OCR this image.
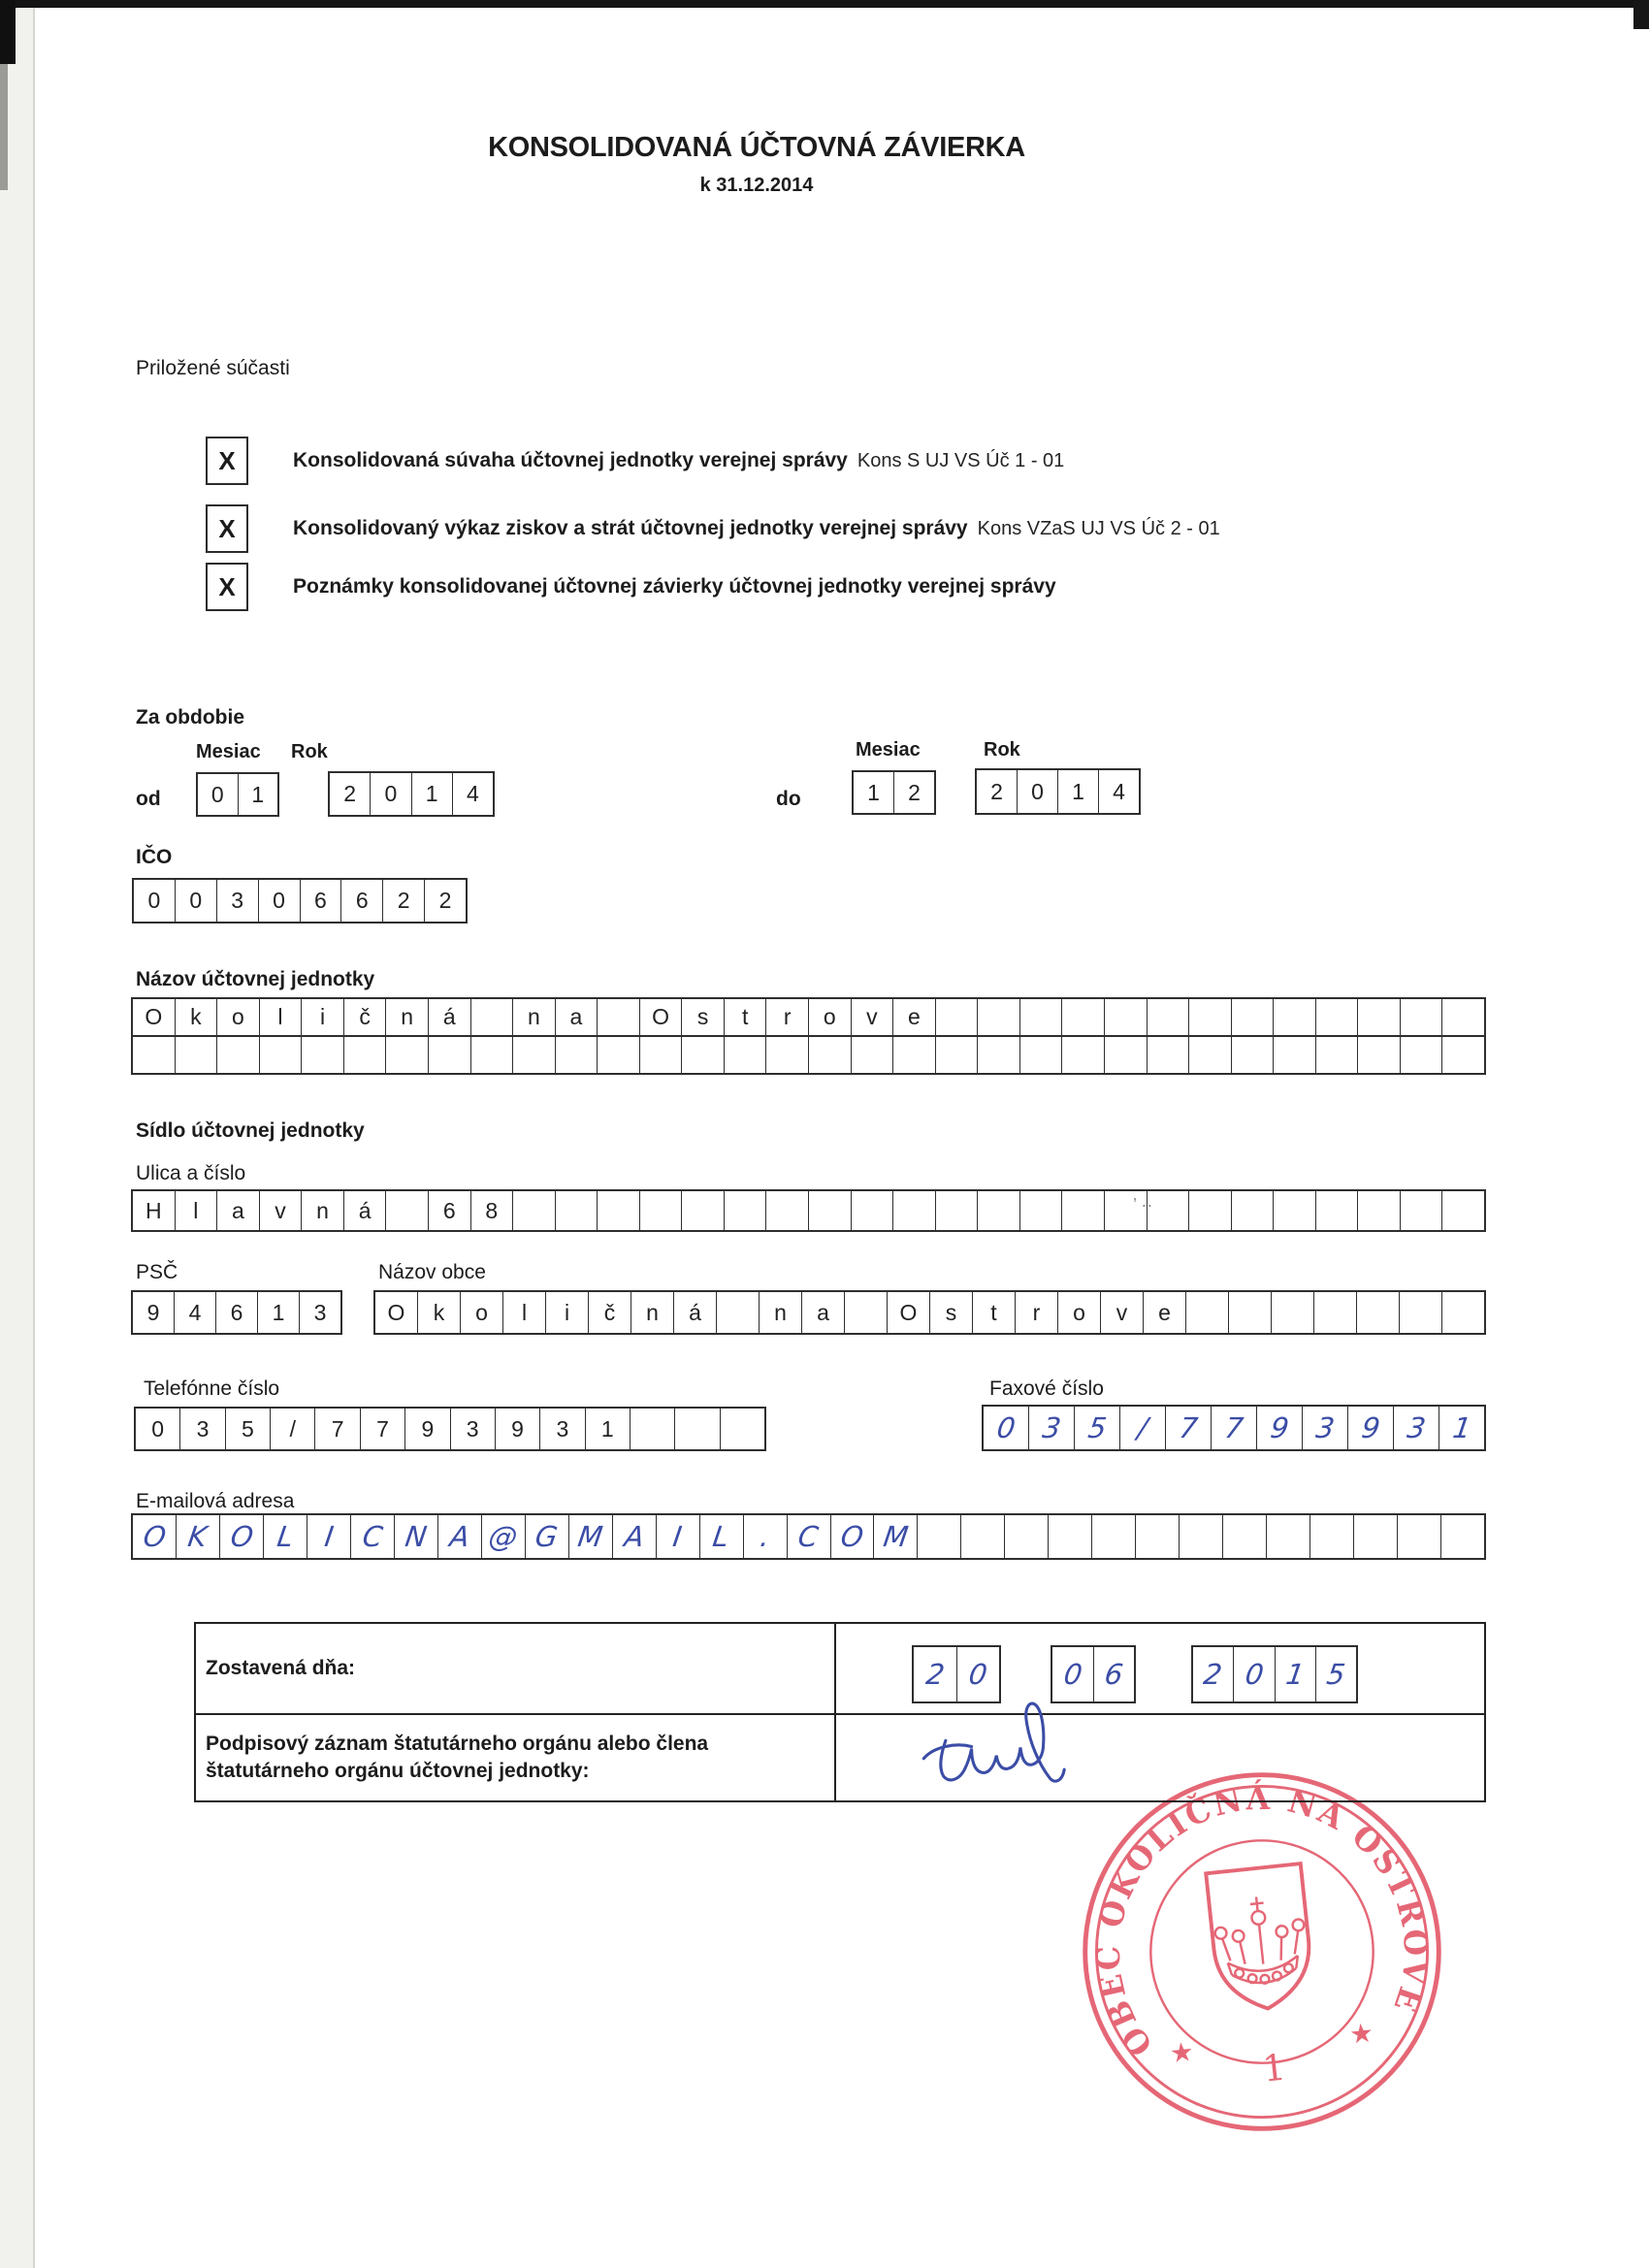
KONSOLIDOVANÁ ÚČTOVNÁ ZÁVIERKA
k 31.12.2014
Priložené súčasti
X	Konsolidovaná súvaha účtovnej jednotky verejnej správy Kons S UJ VS Úč 1 - 01
X	Konsolidovaný výkaz ziskov a strát účtovnej jednotky verejnej správy Kons VZaS UJ VS Úč 2 - 01
X	Poznámky konsolidovanej účtovnej závierky účtovnej jednotky verejnej správy
Za obdobie
Mesiac Rok
od 0 1	2 0 1 4	do
Mesiac	Rok
1 2	2 0 1 4
IČO
0 0 3 0 6 6 2 2
Názov účtovnej jednotky
O k o l i č n á	n a	O s t r o v e
Sídlo účtovnej jednotky
Ulica a číslo
H l a v n á	6 8	’ ··
PSČ	Názov obce
9 4 6 1 3	O k o l i č n á	n a	O s t r o v e
Telefónne číslo	Faxové číslo
0 3 5 / 7 7 9 3 9 3 1	0 3 5 / 7 7 9 3 9 3 1
E-mailová adresa
O K O L I C N A @ G M A I L . C O M
Zostavená dňa:	2 0	0 6	2 0 1 5
Podpisový záznam štatutárneho orgánu alebo člena štatutárneho orgánu účtovnej jednotky:
OBEC OKOLIČNÁ NA OSTROVE
★
★
1
